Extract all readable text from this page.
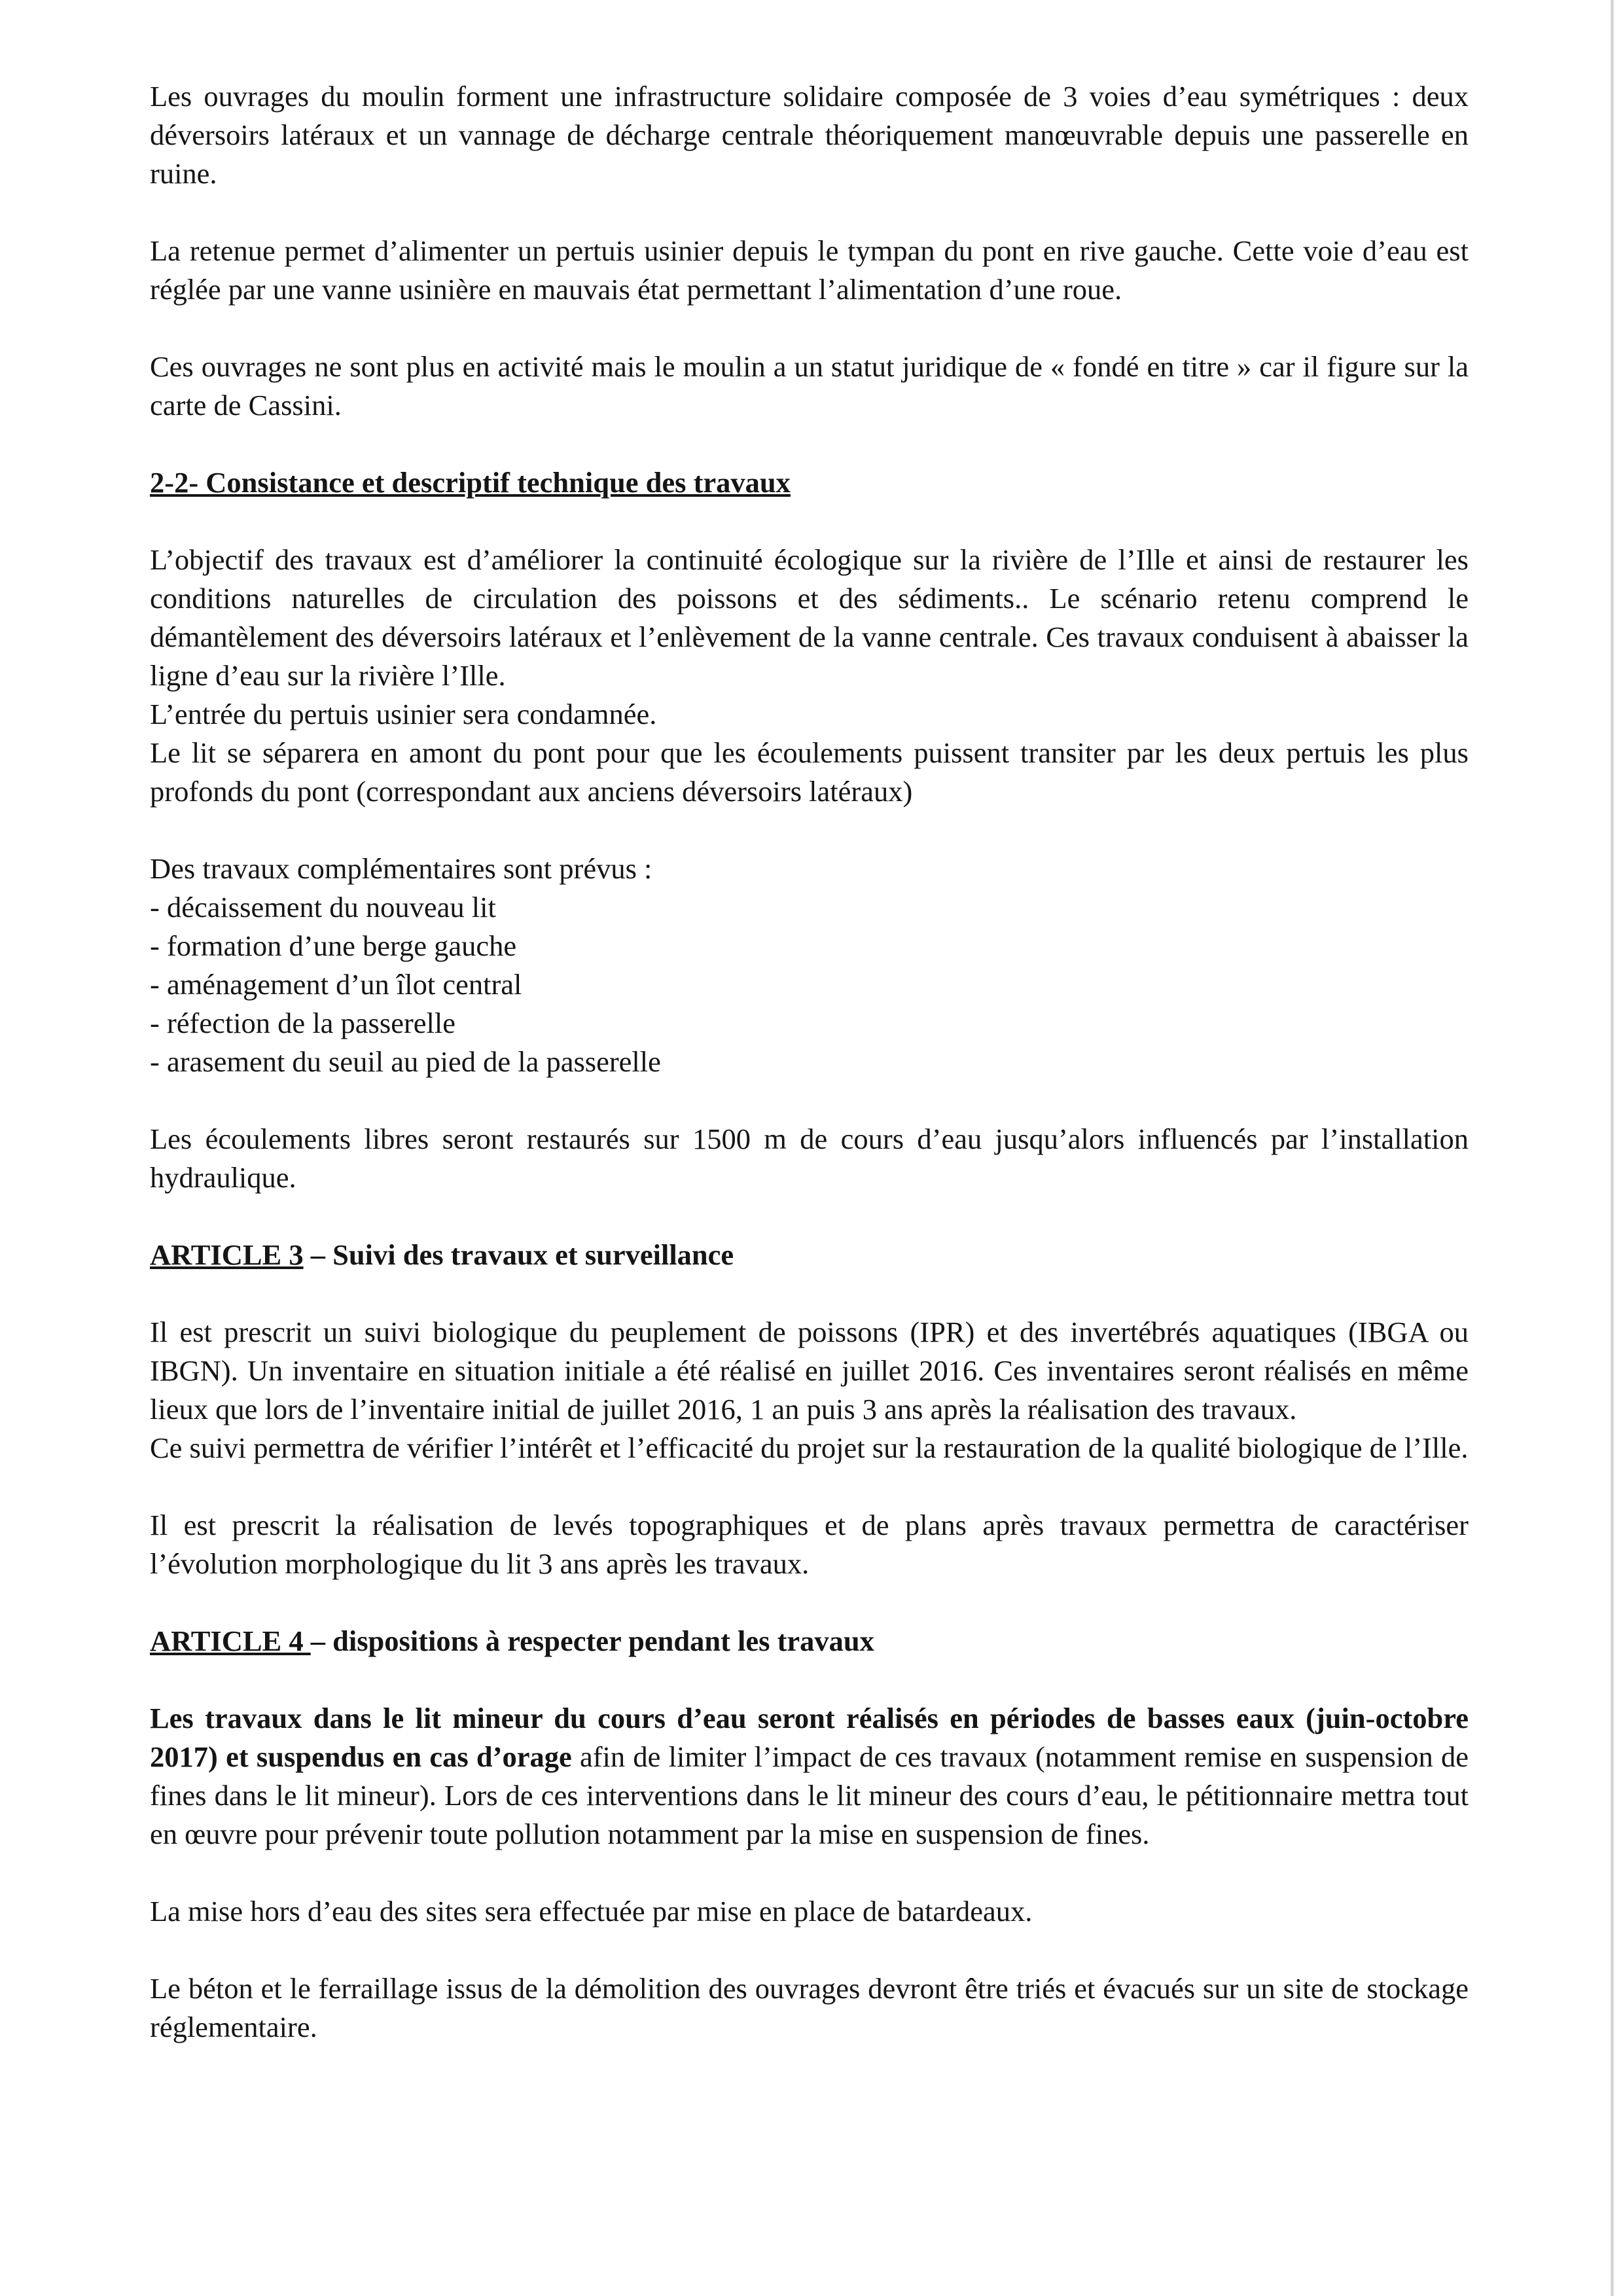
Les ouvrages du moulin forment une infrastructure solidaire composée de 3 voies d’eau symétriques : deux déversoirs latéraux et un vannage de décharge centrale théoriquement manœuvrable depuis une passerelle en ruine.

La retenue permet d’alimenter un pertuis usinier depuis le tympan du pont en rive gauche. Cette voie d’eau est réglée par une vanne usinière en mauvais état permettant l’alimentation d’une roue.

Ces ouvrages ne sont plus en activité mais le moulin a un statut juridique de « fondé en titre » car il figure sur la carte de Cassini.

2-2- Consistance et descriptif technique des travaux

L’objectif des travaux est d’améliorer la continuité écologique sur la rivière de l’Ille et ainsi de restaurer les conditions naturelles de circulation des poissons et des sédiments.. Le scénario retenu comprend le démantèlement des déversoirs latéraux et l’enlèvement de la vanne centrale. Ces travaux conduisent à abaisser la ligne d’eau sur la rivière l’Ille.

L’entrée du pertuis usinier sera condamnée.

Le lit se séparera en amont du pont pour que les écoulements puissent transiter par les deux pertuis les plus profonds du pont (correspondant aux anciens déversoirs latéraux)

Des travaux complémentaires sont prévus :

- décaissement du nouveau lit
- formation d’une berge gauche
- aménagement d’un îlot central
- réfection de la passerelle
- arasement du seuil au pied de la passerelle

Les écoulements libres seront restaurés sur 1500 m de cours d’eau jusqu’alors influencés par l’installation hydraulique.

ARTICLE 3 – Suivi des travaux et surveillance

Il est prescrit un suivi biologique du peuplement de poissons (IPR) et des invertébrés aquatiques (IBGA ou IBGN). Un inventaire en situation initiale a été réalisé en juillet 2016. Ces inventaires seront réalisés en même lieux que lors de l’inventaire initial de juillet 2016, 1 an puis 3 ans après la réalisation des travaux.

Ce suivi permettra de vérifier l’intérêt et l’efficacité du projet sur la restauration de la qualité biologique de l’Ille.

Il est prescrit la réalisation de levés topographiques et de plans après travaux permettra de caractériser l’évolution morphologique du lit 3 ans après les travaux.

ARTICLE 4 – dispositions à respecter pendant les travaux

Les travaux dans le lit mineur du cours d’eau seront réalisés en périodes de basses eaux (juin-octobre 2017) et suspendus en cas d’orage afin de limiter l’impact de ces travaux (notamment remise en suspension de fines dans le lit mineur). Lors de ces interventions dans le lit mineur des cours d’eau, le pétitionnaire mettra tout en œuvre pour prévenir toute pollution notamment par la mise en suspension de fines.

La mise hors d’eau des sites sera effectuée par mise en place de batardeaux.

Le béton et le ferraillage issus de la démolition des ouvrages devront être triés et évacués sur un site de stockage réglementaire.
